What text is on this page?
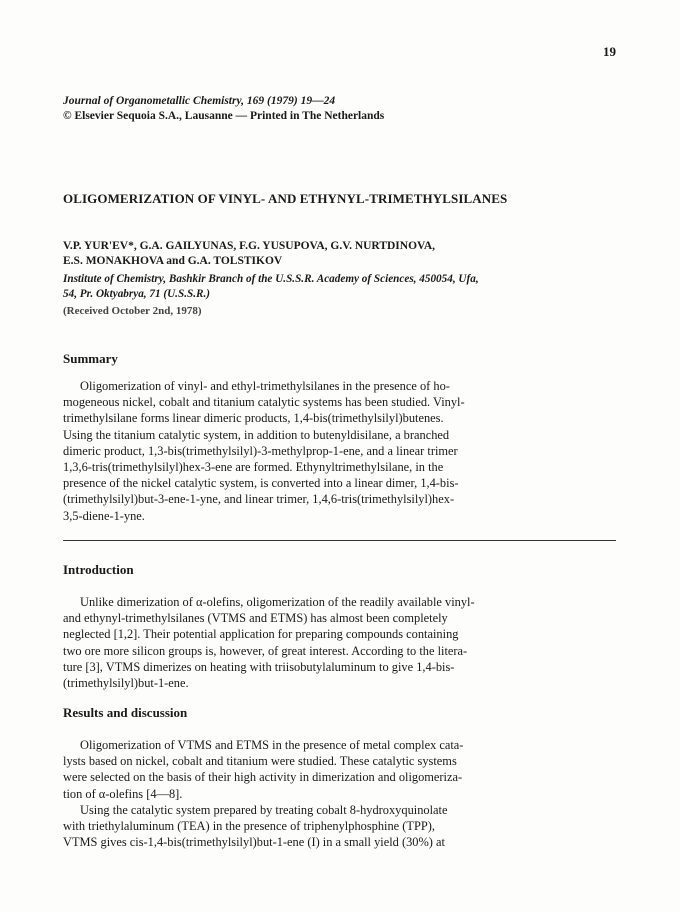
19
Journal of Organometallic Chemistry, 169 (1979) 19—24
© Elsevier Sequoia S.A., Lausanne — Printed in The Netherlands
OLIGOMERIZATION OF VINYL- AND ETHYNYL-TRIMETHYLSILANES
V.P. YUR'EV*, G.A. GAILYUNAS, F.G. YUSUPOVA, G.V. NURTDINOVA,
E.S. MONAKHOVA and G.A. TOLSTIKOV
Institute of Chemistry, Bashkir Branch of the U.S.S.R. Academy of Sciences, 450054, Ufa,
54, Pr. Oktyabrya, 71 (U.S.S.R.)
(Received October 2nd, 1978)
Summary
Oligomerization of vinyl- and ethyl-trimethylsilanes in the presence of ho-
mogeneous nickel, cobalt and titanium catalytic systems has been studied. Vinyl-
trimethylsilane forms linear dimeric products, 1,4-bis(trimethylsilyl)butenes.
Using the titanium catalytic system, in addition to butenyldisilane, a branched
dimeric product, 1,3-bis(trimethylsilyl)-3-methylprop-1-ene, and a linear trimer
1,3,6-tris(trimethylsilyl)hex-3-ene are formed. Ethynyltrimethylsilane, in the
presence of the nickel catalytic system, is converted into a linear dimer, 1,4-bis-
(trimethylsilyl)but-3-ene-1-yne, and linear trimer, 1,4,6-tris(trimethylsilyl)hex-
3,5-diene-1-yne.
Introduction
Unlike dimerization of α-olefins, oligomerization of the readily available vinyl-
and ethynyl-trimethylsilanes (VTMS and ETMS) has almost been completely
neglected [1,2]. Their potential application for preparing compounds containing
two ore more silicon groups is, however, of great interest. According to the litera-
ture [3], VTMS dimerizes on heating with triisobutylaluminum to give 1,4-bis-
(trimethylsilyl)but-1-ene.
Results and discussion
Oligomerization of VTMS and ETMS in the presence of metal complex cata-
lysts based on nickel, cobalt and titanium were studied. These catalytic systems
were selected on the basis of their high activity in dimerization and oligomeriza-
tion of α-olefins [4—8].
Using the catalytic system prepared by treating cobalt 8-hydroxyquinolate
with triethylaluminum (TEA) in the presence of triphenylphosphine (TPP),
VTMS gives cis-1,4-bis(trimethylsilyl)but-1-ene (I) in a small yield (30%) at
